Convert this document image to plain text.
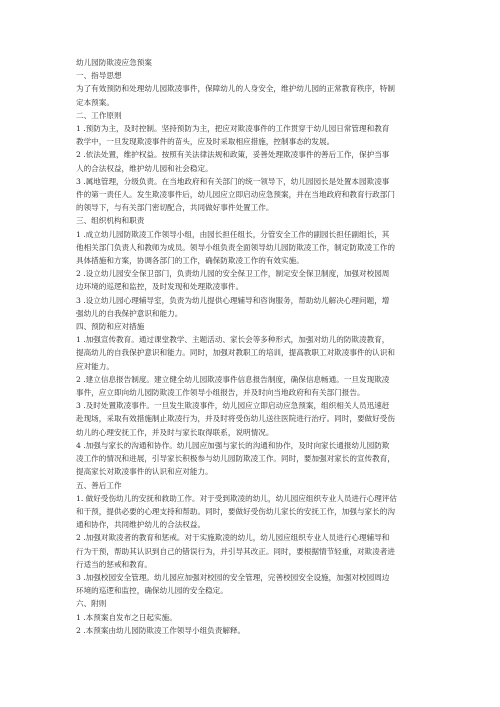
幼儿园防欺凌应急预案
一、指导思想
为了有效预防和处理幼儿园欺凌事件，保障幼儿的人身安全，维护幼儿园的正常教育秩序，特制
定本预案。
二、工作原则
1 .预防为主，及时控制。坚持预防为主，把应对欺凌事件的工作贯穿于幼儿园日常管理和教育
教学中，一旦发现欺凌事件的苗头，应及时采取相应措施，控制事态的发展。
2 .依法处置，维护权益。按照有关法律法规和政策，妥善处理欺凌事件的善后工作，保护当事
人的合法权益，维护幼儿园和社会稳定。
3 .属地管理，分级负责。在当地政府和有关部门的统一领导下，幼儿园园长是处置本园欺凌事
件的第一责任人。发生欺凌事件后，幼儿园应立即启动应急预案，并在当地政府和教育行政部门
的领导下，与有关部门密切配合，共同做好事件处置工作。
三、组织机构和职责
1 .成立幼儿园防欺凌工作领导小组，由园长担任组长，分管安全工作的副园长担任副组长，其
他相关部门负责人和教师为成员。领导小组负责全面领导幼儿园防欺凌工作，制定防欺凌工作的
具体措施和方案，协调各部门的工作，确保防欺凌工作的有效实施。
2 .设立幼儿园安全保卫部门，负责幼儿园的安全保卫工作，制定安全保卫制度，加强对校园周
边环境的巡逻和监控，及时发现和处理欺凌事件。
3 .设立幼儿园心理辅导室，负责为幼儿提供心理辅导和咨询服务，帮助幼儿解决心理问题，增
强幼儿的自我保护意识和能力。
四、预防和应对措施
1 .加强宣传教育。通过课堂教学、主题活动、家长会等多种形式，加强对幼儿的防欺凌教育，
提高幼儿的自我保护意识和能力。同时，加强对教职工的培训，提高教职工对欺凌事件的认识和
应对能力。
2 .建立信息报告制度。建立健全幼儿园欺凌事件信息报告制度，确保信息畅通。一旦发现欺凌
事件，应立即向幼儿园防欺凌工作领导小组报告，并及时向当地政府和有关部门报告。
3 .及时处置欺凌事件。一旦发生欺凌事件，幼儿园应立即启动应急预案，组织相关人员迅速赶
赴现场，采取有效措施制止欺凌行为，并及时将受伤幼儿送往医院进行治疗。同时，要做好受伤
幼儿的心理安抚工作，并及时与家长取得联系，说明情况。
4 .加强与家长的沟通和协作。幼儿园应加强与家长的沟通和协作，及时向家长通报幼儿园防欺
凌工作的情况和进展，引导家长积极参与幼儿园防欺凌工作。同时，要加强对家长的宣传教育，
提高家长对欺凌事件的认识和应对能力。
五、善后工作
1. 做好受伤幼儿的安抚和救助工作。对于受到欺凌的幼儿，幼儿园应组织专业人员进行心理评估
和干预，提供必要的心理支持和帮助。同时，要做好受伤幼儿家长的安抚工作，加强与家长的沟
通和协作，共同维护幼儿的合法权益。
2 .加强对欺凌者的教育和惩戒。对于实施欺凌的幼儿，幼儿园应组织专业人员进行心理辅导和
行为干预，帮助其认识到自己的错误行为，并引导其改正。同时，要根据情节轻重，对欺凌者进
行适当的惩戒和教育。
3 .加强校园安全管理。幼儿园应加强对校园的安全管理，完善校园安全设施，加强对校园周边
环境的巡逻和监控，确保幼儿园的安全稳定。
六、附则
1 .本预案自发布之日起实施。
2 .本预案由幼儿园防欺凌工作领导小组负责解释。
